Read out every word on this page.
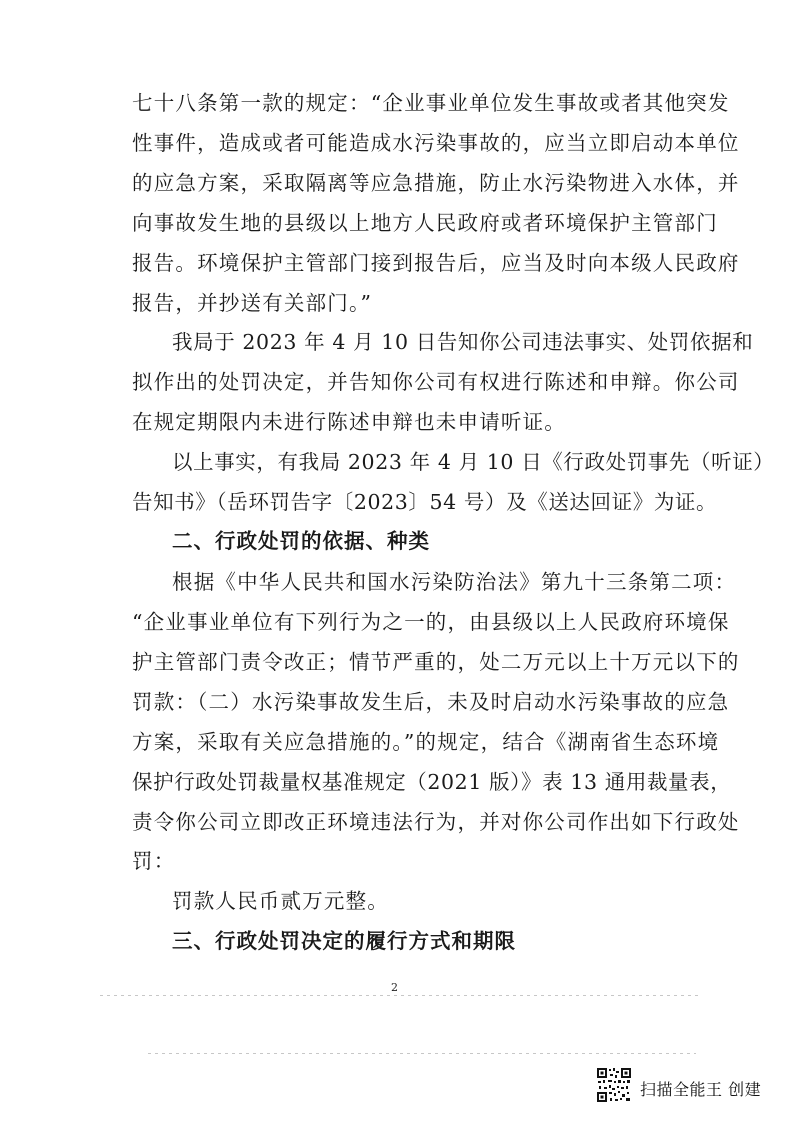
七十八条第一款的规定：“企业事业单位发生事故或者其他突发
性事件，造成或者可能造成水污染事故的，应当立即启动本单位
的应急方案，采取隔离等应急措施，防止水污染物进入水体，并
向事故发生地的县级以上地方人民政府或者环境保护主管部门
报告。环境保护主管部门接到报告后，应当及时向本级人民政府
报告，并抄送有关部门。”
我局于 2023 年 4 月 10 日告知你公司违法事实、处罚依据和
拟作出的处罚决定，并告知你公司有权进行陈述和申辩。你公司
在规定期限内未进行陈述申辩也未申请听证。
以上事实，有我局 2023 年 4 月 10 日《行政处罚事先（听证）
告知书》（岳环罚告字〔2023〕54 号）及《送达回证》为证。
二、行政处罚的依据、种类
根据《中华人民共和国水污染防治法》第九十三条第二项：
“企业事业单位有下列行为之一的，由县级以上人民政府环境保
护主管部门责令改正；情节严重的，处二万元以上十万元以下的
罚款：（二）水污染事故发生后，未及时启动水污染事故的应急
方案，采取有关应急措施的。”的规定，结合《湖南省生态环境
保护行政处罚裁量权基准规定（2021 版）》表 13 通用裁量表，
责令你公司立即改正环境违法行为，并对你公司作出如下行政处
罚：
罚款人民币贰万元整。
三、行政处罚决定的履行方式和期限
2
扫描全能王 创建
